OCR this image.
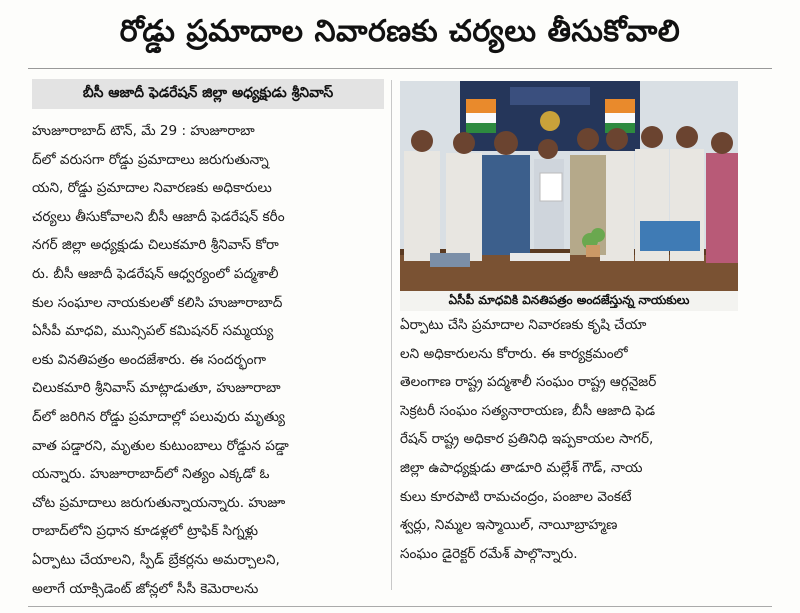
రోడ్డు ప్రమాదాల నివారణకు చర్యలు తీసుకోవాలి
బీసీ ఆజాదీ ఫెడరేషన్ జిల్లా అధ్యక్షుడు శ్రీనివాస్
హుజూరాబాద్ టౌన్, మే 29 : హుజూరాబా
ద్‌లో వరుసగా రోడ్డు ప్రమాదాలు జరుగుతున్నా
యని, రోడ్డు ప్రమాదాల నివారణకు అధికారులు
చర్యలు తీసుకోవాలని బీసీ ఆజాదీ ఫెడరేషన్ కరీం
నగర్ జిల్లా అధ్యక్షుడు చిలుకమారి శ్రీనివాస్ కోరా
రు. బీసీ ఆజాదీ ఫెడరేషన్ ఆధ్వర్యంలో పద్మశాలీ
కుల సంఘాల నాయకులతో కలిసి హుజూరాబాద్
ఏసీపీ మాధవి, మున్సిపల్ కమిషనర్ సమ్మయ్య
లకు వినతిపత్రం అందజేశారు. ఈ సందర్భంగా
చిలుకమారి శ్రీనివాస్ మాట్లాడుతూ, హుజూరాబా
ద్‌లో జరిగిన రోడ్డు ప్రమాదాల్లో పలువురు మృత్యు
వాత పడ్డారని, మృతుల కుటుంబాలు రోడ్డున పడ్డా
యన్నారు. హుజూరాబాద్‌లో నిత్యం ఎక్కడో ఓ
చోట ప్రమాదాలు జరుగుతున్నాయన్నారు. హుజూ
రాబాద్‌లోని ప్రధాన కూడళ్లలో ట్రాఫిక్ సిగ్నళ్లు
ఏర్పాటు చేయాలని, స్పీడ్ బ్రేకర్లను అమర్చాలని,
అలాగే యాక్సిడెంట్ జోన్లలో సీసీ కెమెరాలను
ఏసీపీ మాధవికి వినతిపత్రం అందజేస్తున్న నాయకులు
ఏర్పాటు చేసి ప్రమాదాల నివారణకు కృషి చేయా
లని అధికారులను కోరారు. ఈ కార్యక్రమంలో
తెలంగాణ రాష్ట్ర పద్మశాలీ సంఘం రాష్ట్ర ఆర్గనైజర్
సెక్రటరీ సంఘం సత్యనారాయణ, బీసీ ఆజాది ఫెడ
రేషన్ రాష్ట్ర అధికార ప్రతినిధి ఇప్పకాయల సాగర్,
జిల్లా ఉపాధ్యక్షుడు తాడూరి మల్లేశ్ గౌడ్, నాయ
కులు కూరపాటి రామచంద్రం, పంజాల వెంకటే
శ్వర్లు, నిమ్మల ఇస్మాయిల్, నాయీబ్రాహ్మణ
సంఘం డైరెక్టర్ రమేశ్ పాల్గొన్నారు.
